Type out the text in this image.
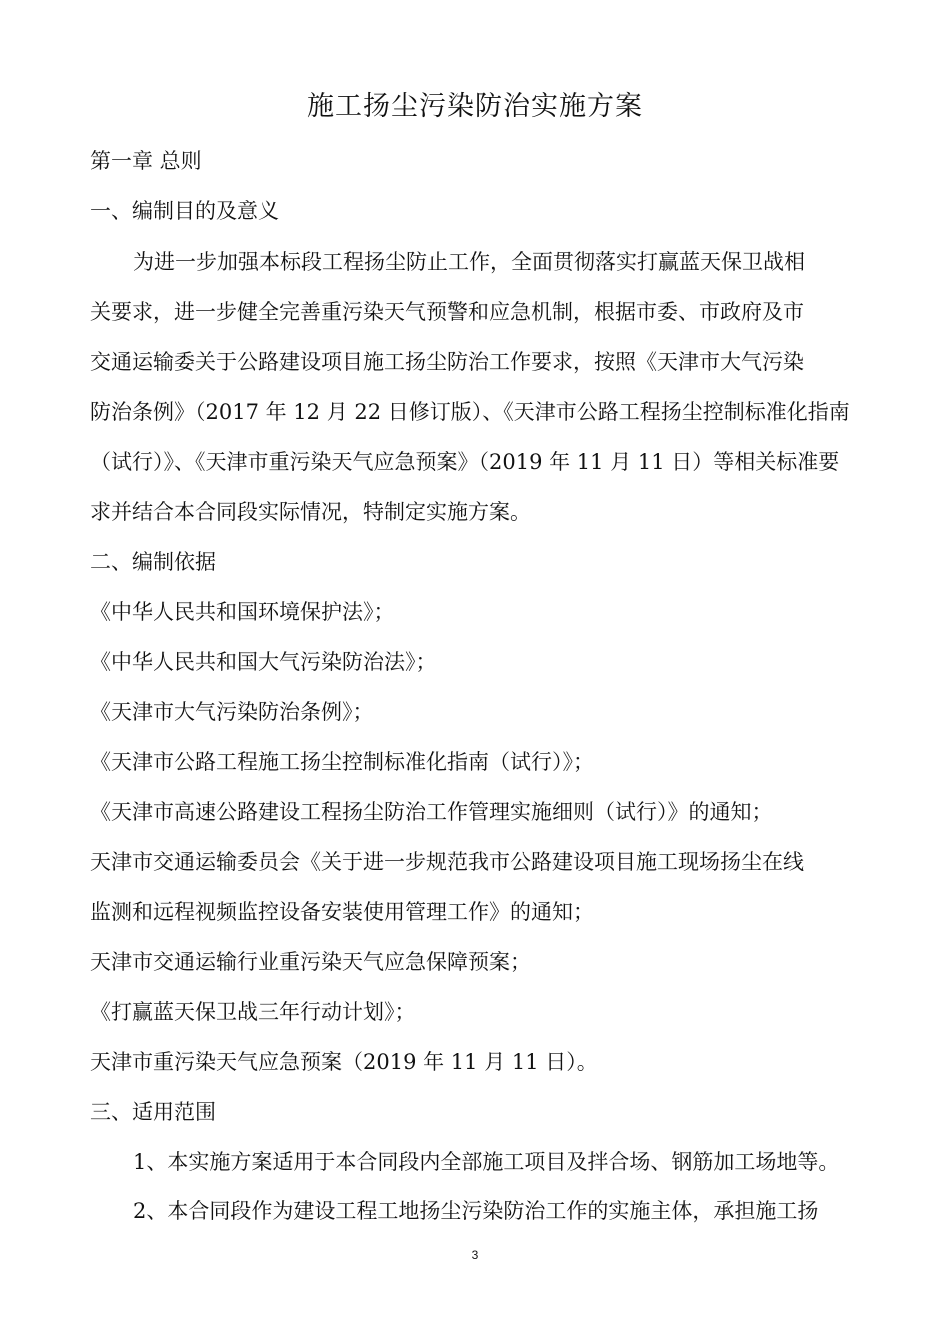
施工扬尘污染防治实施方案
第一章 总则
一、编制目的及意义
为进一步加强本标段工程扬尘防止工作，全面贯彻落实打赢蓝天保卫战相
关要求，进一步健全完善重污染天气预警和应急机制，根据市委、市政府及市
交通运输委关于公路建设项目施工扬尘防治工作要求，按照《天津市大气污染
防治条例》（2017 年 12 月 22 日修订版）、《天津市公路工程扬尘控制标准化指南
（试行）》、《天津市重污染天气应急预案》（2019 年 11 月 11 日）等相关标准要
求并结合本合同段实际情况，特制定实施方案。
二、编制依据
《中华人民共和国环境保护法》；
《中华人民共和国大气污染防治法》；
《天津市大气污染防治条例》；
《天津市公路工程施工扬尘控制标准化指南（试行）》；
《天津市高速公路建设工程扬尘防治工作管理实施细则（试行）》的通知；
天津市交通运输委员会《关于进一步规范我市公路建设项目施工现场扬尘在线
监测和远程视频监控设备安装使用管理工作》的通知；
天津市交通运输行业重污染天气应急保障预案；
《打赢蓝天保卫战三年行动计划》；
天津市重污染天气应急预案（2019 年 11 月 11 日）。
三、适用范围
1、本实施方案适用于本合同段内全部施工项目及拌合场、钢筋加工场地等。
2、本合同段作为建设工程工地扬尘污染防治工作的实施主体，承担施工扬
3
